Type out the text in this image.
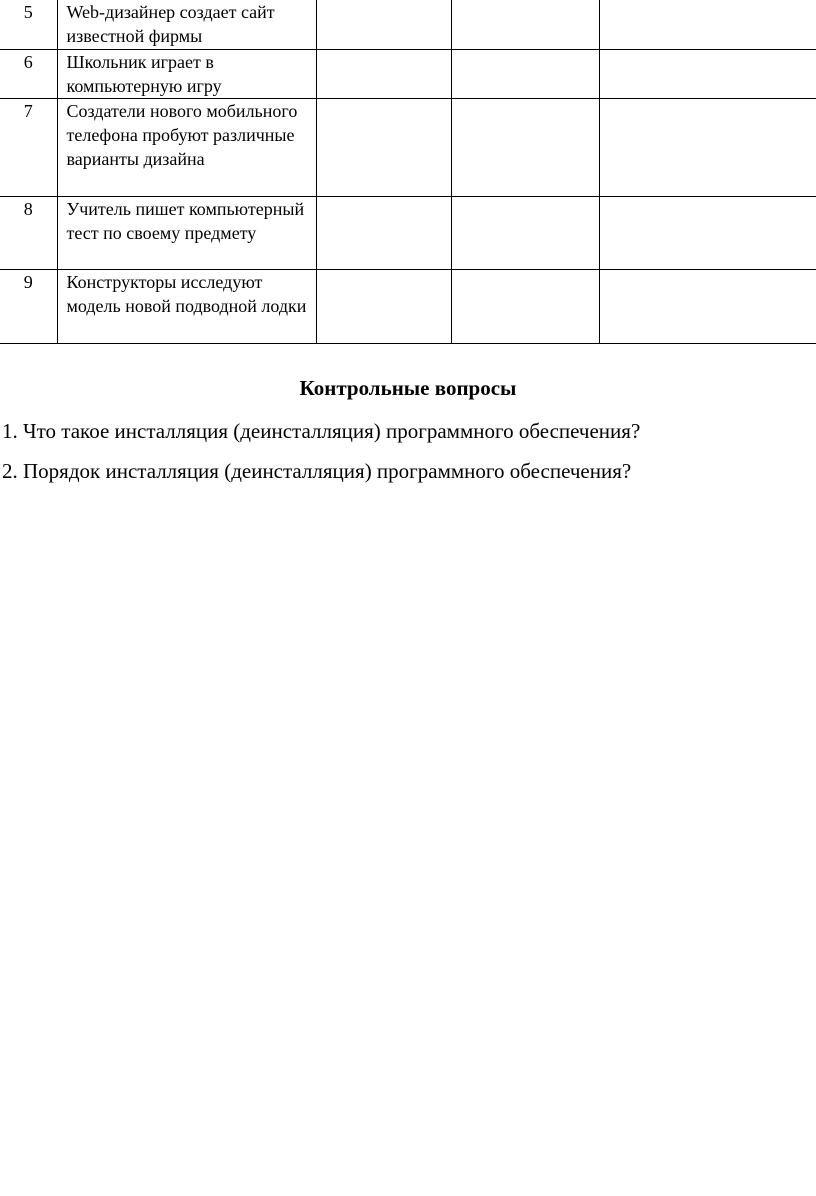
5	Web-дизайнер создает сайт известной фирмы			
6	Школьник играет в компьютерную игру			
7	Создатели нового мобильного телефона пробуют различные варианты дизайна			
8	Учитель пишет компьютерный тест по своему предмету			
9	Конструкторы исследуют модель новой подводной лодки			
Контрольные вопросы

1. Что такое инсталляция (деинсталляция) программного обеспечения?

2. Порядок инсталляция (деинсталляция) программного обеспечения?
